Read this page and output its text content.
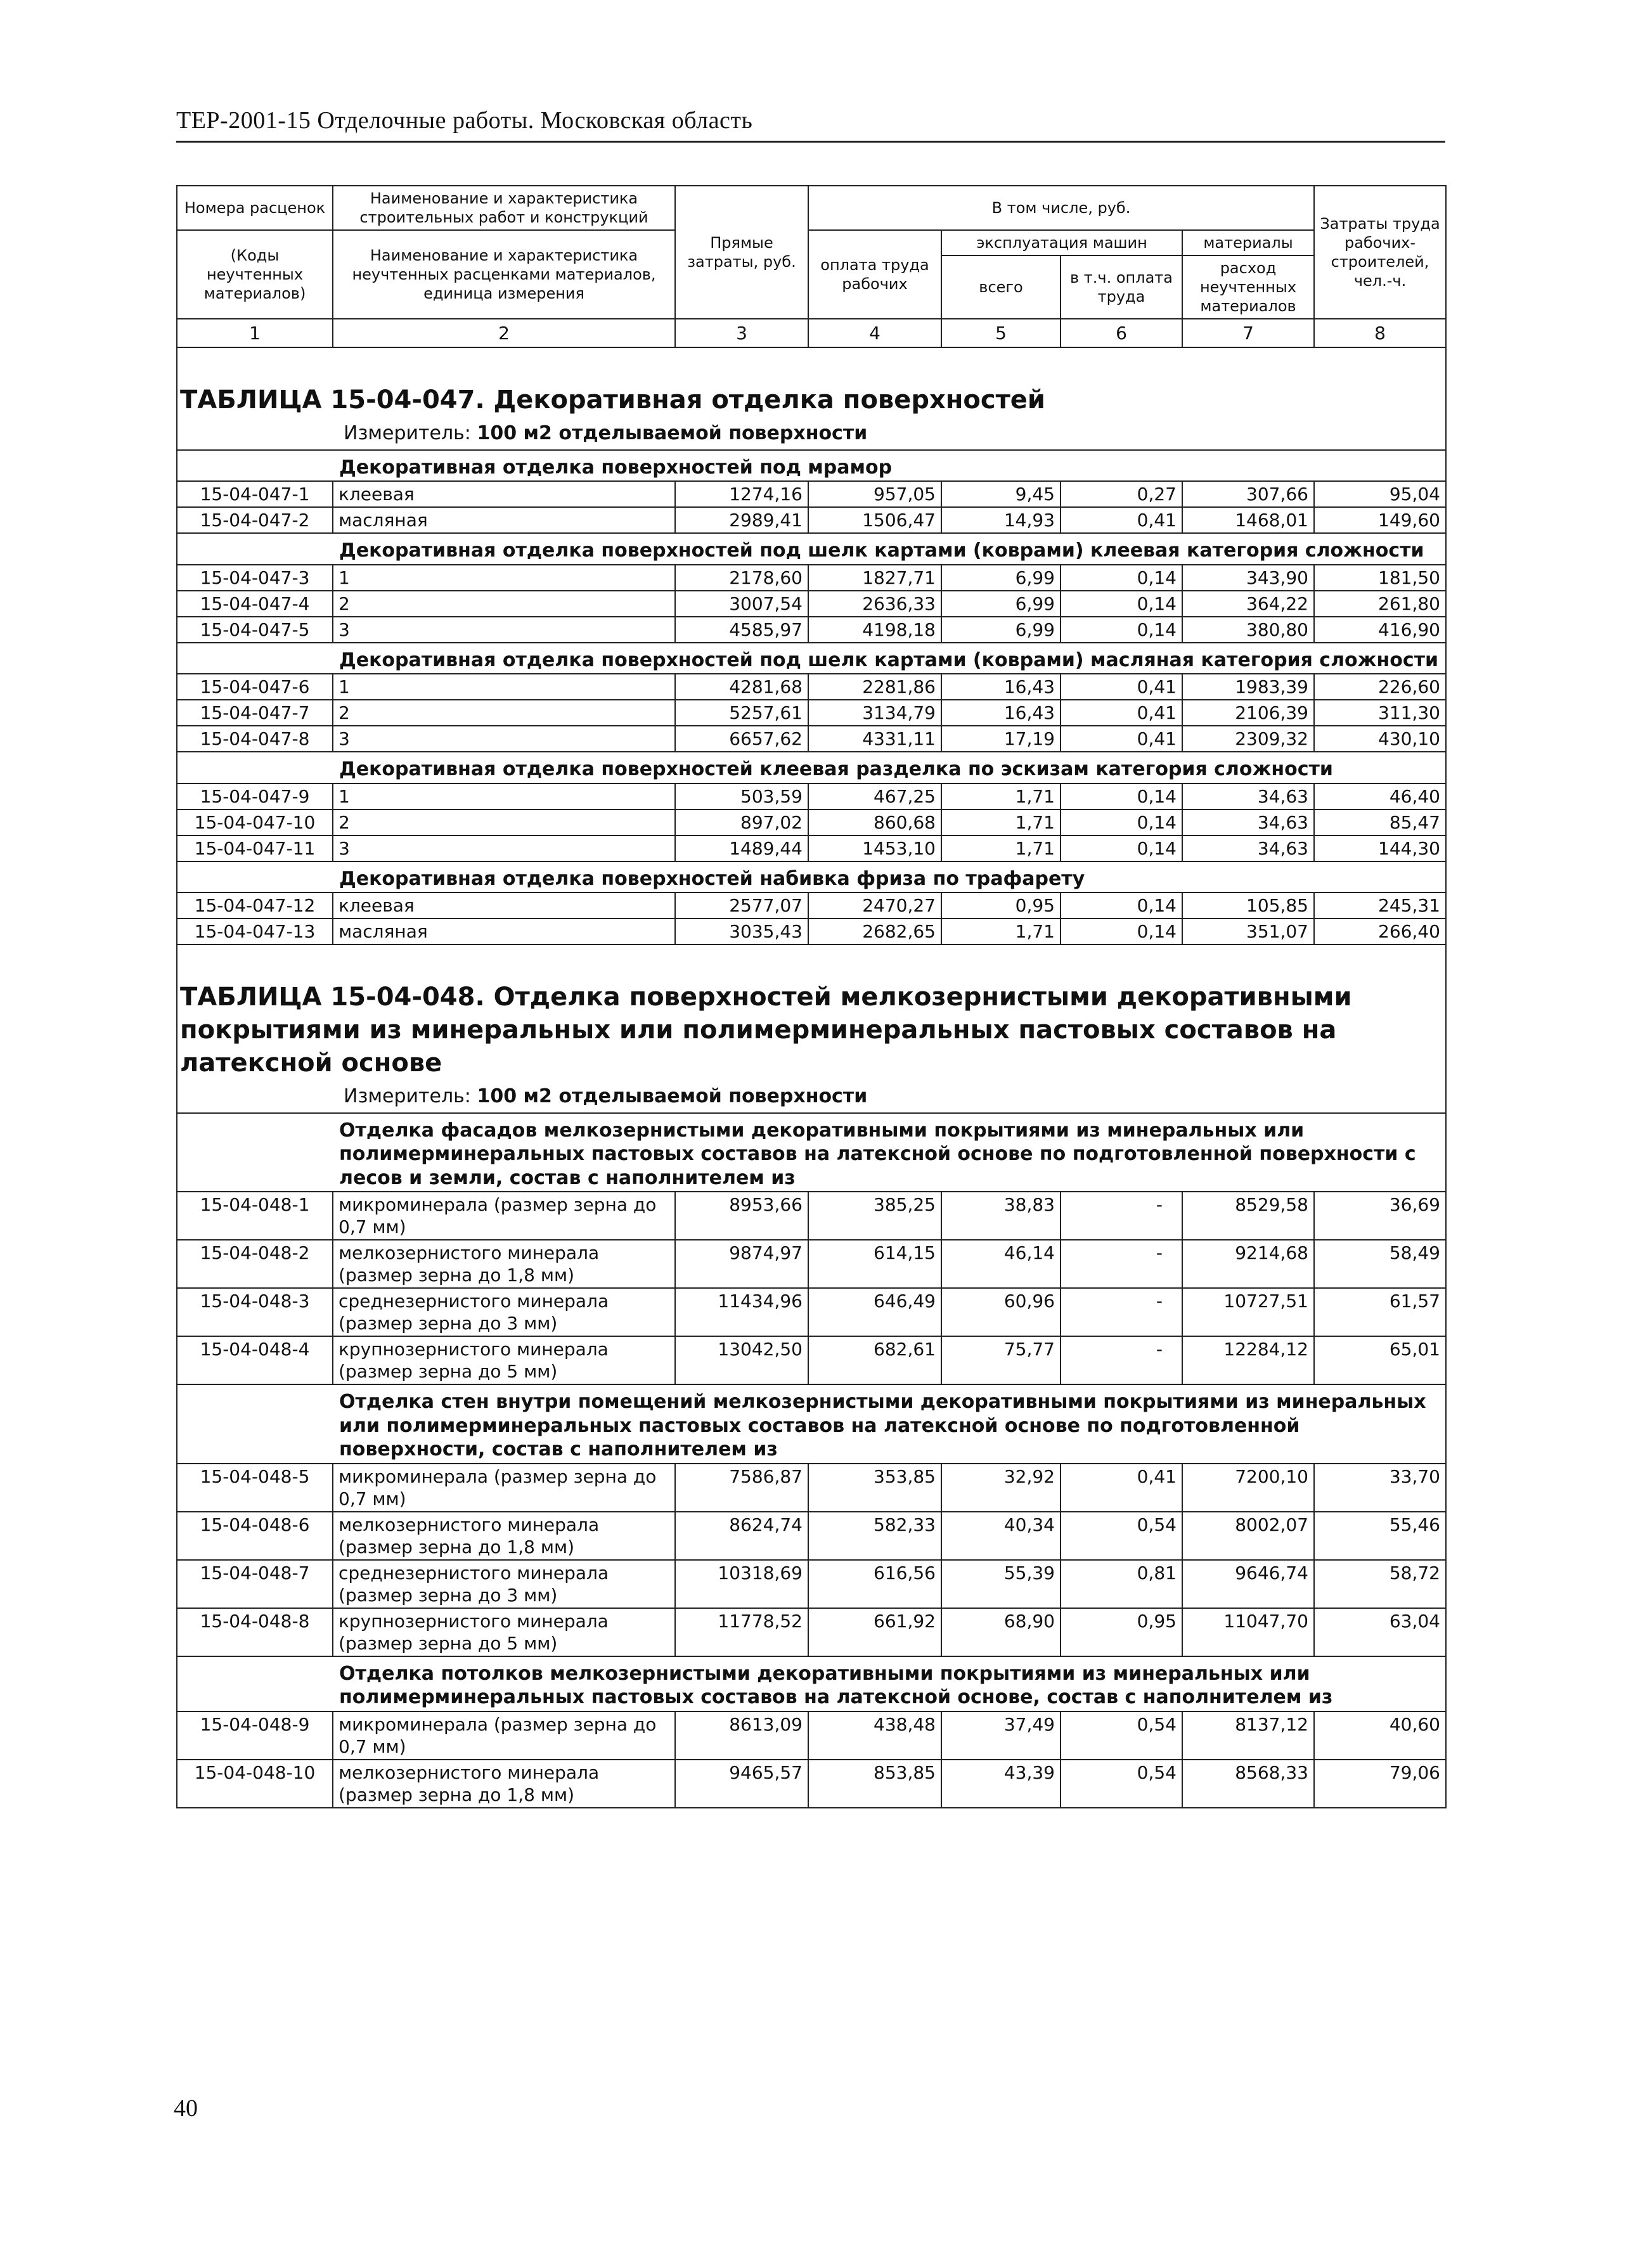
ТЕР-2001-15 Отделочные работы. Московская область
Номера расценок	Наименование и характеристика строительных работ и конструкций	Прямые затраты, руб.	В том числе, руб.				Затраты труда рабочих-строителей, чел.-ч.
(Коды неучтенных материалов)	Наименование и характеристика неучтенных расценками материалов, единица измерения		оплата труда рабочих	эксплуатация машин		материалы	
				всего	в т.ч. оплата труда	расход неучтенных материалов	
1	2	3	4	5	6	7	8

ТАБЛИЦА 15-04-047. Декоративная отделка поверхностей							
Измеритель: 100 м2 отделываемой поверхности							
	Декоративная отделка поверхностей под мрамор						
15-04-047-1	клеевая	1274,16	957,05	9,45	0,27	307,66	95,04
15-04-047-2	масляная	2989,41	1506,47	14,93	0,41	1468,01	149,60
	Декоративная отделка поверхностей под шелк картами (коврами) клеевая категория сложности						
15-04-047-3	1	2178,60	1827,71	6,99	0,14	343,90	181,50
15-04-047-4	2	3007,54	2636,33	6,99	0,14	364,22	261,80
15-04-047-5	3	4585,97	4198,18	6,99	0,14	380,80	416,90
	Декоративная отделка поверхностей под шелк картами (коврами) масляная категория сложности						
15-04-047-6	1	4281,68	2281,86	16,43	0,41	1983,39	226,60
15-04-047-7	2	5257,61	3134,79	16,43	0,41	2106,39	311,30
15-04-047-8	3	6657,62	4331,11	17,19	0,41	2309,32	430,10
	Декоративная отделка поверхностей клеевая разделка по эскизам категория сложности						
15-04-047-9	1	503,59	467,25	1,71	0,14	34,63	46,40
15-04-047-10	2	897,02	860,68	1,71	0,14	34,63	85,47
15-04-047-11	3	1489,44	1453,10	1,71	0,14	34,63	144,30
	Декоративная отделка поверхностей набивка фриза по трафарету						
15-04-047-12	клеевая	2577,07	2470,27	0,95	0,14	105,85	245,31
15-04-047-13	масляная	3035,43	2682,65	1,71	0,14	351,07	266,40

ТАБЛИЦА 15-04-048. Отделка поверхностей мелкозернистыми декоративными покрытиями из минеральных или полимерминеральных пастовых составов на латексной основе							
Измеритель: 100 м2 отделываемой поверхности							
	Отделка фасадов мелкозернистыми декоративными покрытиями из минеральных или полимерминеральных пастовых составов на латексной основе по подготовленной поверхности с лесов и земли, состав с наполнителем из						
15-04-048-1	микроминерала (размер зерна до 0,7 мм)	8953,66	385,25	38,83	-	8529,58	36,69
15-04-048-2	мелкозернистого минерала (размер зерна до 1,8 мм)	9874,97	614,15	46,14	-	9214,68	58,49
15-04-048-3	среднезернистого минерала (размер зерна до 3 мм)	11434,96	646,49	60,96	-	10727,51	61,57
15-04-048-4	крупнозернистого минерала (размер зерна до 5 мм)	13042,50	682,61	75,77	-	12284,12	65,01
	Отделка стен внутри помещений мелкозернистыми декоративными покрытиями из минеральных или полимерминеральных пастовых составов на латексной основе по подготовленной поверхности, состав с наполнителем из						
15-04-048-5	микроминерала (размер зерна до 0,7 мм)	7586,87	353,85	32,92	0,41	7200,10	33,70
15-04-048-6	мелкозернистого минерала (размер зерна до 1,8 мм)	8624,74	582,33	40,34	0,54	8002,07	55,46
15-04-048-7	среднезернистого минерала (размер зерна до 3 мм)	10318,69	616,56	55,39	0,81	9646,74	58,72
15-04-048-8	крупнозернистого минерала (размер зерна до 5 мм)	11778,52	661,92	68,90	0,95	11047,70	63,04
	Отделка потолков мелкозернистыми декоративными покрытиями из минеральных или полимерминеральных пастовых составов на латексной основе, состав с наполнителем из						
15-04-048-9	микроминерала (размер зерна до 0,7 мм)	8613,09	438,48	37,49	0,54	8137,12	40,60
15-04-048-10	мелкозернистого минерала (размер зерна до 1,8 мм)	9465,57	853,85	43,39	0,54	8568,33	79,06
40
